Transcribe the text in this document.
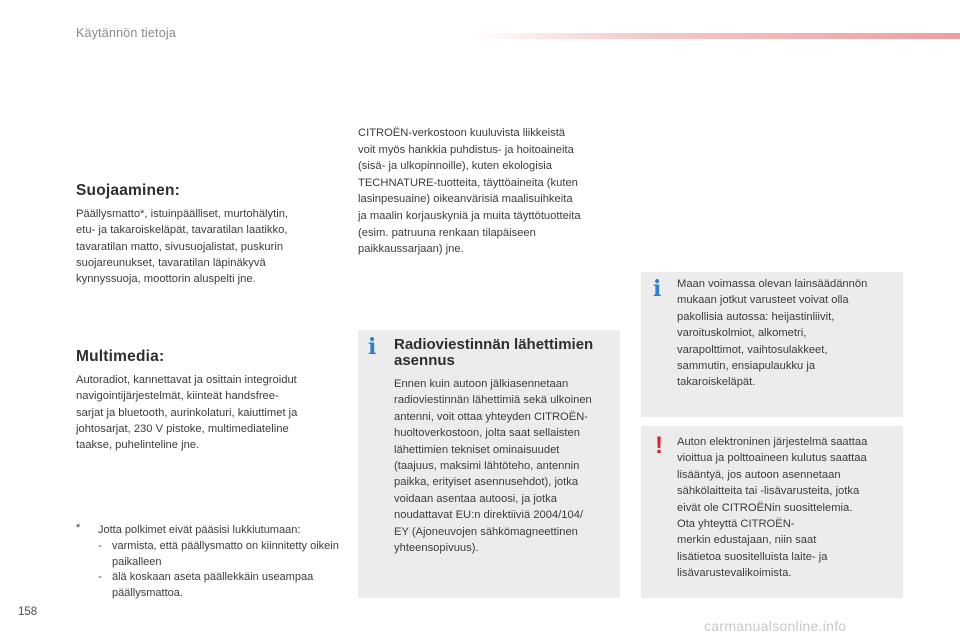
Käytännön tietoja
Suojaaminen:
Päällysmatto*, istuinpäälliset, murtohälytin,
etu- ja takaroiskeläpät, tavaratilan laatikko,
tavaratilan matto, sivusuojalistat, puskurin
suojareunukset, tavaratilan läpinäkyvä
kynnyssuoja, moottorin aluspelti jne.
Multimedia:
Autoradiot, kannettavat ja osittain integroidut
navigointijärjestelmät, kiinteät handsfree-
sarjat ja bluetooth, aurinkolaturi, kaiuttimet ja
johtosarjat, 230 V pistoke, multimediateline
taakse, puhelinteline jne.
* Jotta polkimet eivät pääsisi lukkiutumaan:
- varmista, että päällysmatto on kiinnitetty oikein paikalleen
- älä koskaan aseta päällekkäin useampaa päällysmattoa.
CITROËN-verkostoon kuuluvista liikkeistä
voit myös hankkia puhdistus- ja hoitoaineita
(sisä- ja ulkopinnoille), kuten ekologisia
TECHNATURE-tuotteita, täyttöaineita (kuten
lasinpesuaine) oikeanvärisiä maalisuihkeita
ja maalin korjauskyniä ja muita täyttötuotteita
(esim. patruuna renkaan tilapäiseen
paikkaussarjaan) jne.
i Radioviestinnän lähettimien
asennus
Ennen kuin autoon jälkiasennetaan
radioviestinnän lähettimiä sekä ulkoinen
antenni, voit ottaa yhteyden CITROËN-
huoltoverkostoon, jolta saat sellaisten
lähettimien tekniset ominaisuudet
(taajuus, maksimi lähtöteho, antennin
paikka, erityiset asennusehdot), jotka
voidaan asentaa autoosi, ja jotka
noudattavat EU:n direktiiviä 2004/104/
EY (Ajoneuvojen sähkömagneettinen
yhteensopivuus).
i Maan voimassa olevan lainsäädännön
mukaan jotkut varusteet voivat olla
pakollisia autossa: heijastinliivit,
varoituskolmiot, alkometri,
varapolttimot, vaihtosulakkeet,
sammutin, ensiapulaukku ja
takaroiskeläpät.
! Auton elektroninen järjestelmä saattaa
vioittua ja polttoaineen kulutus saattaa
lisääntyä, jos autoon asennetaan
sähkölaitteita tai -lisävarusteita, jotka
eivät ole CITROËNin suosittelemia.
Ota yhteyttä CITROËN-
merkin edustajaan, niin saat
lisätietoa suositelluista laite- ja
lisävarustevalikoimista.
158
carmanualsonline.info
